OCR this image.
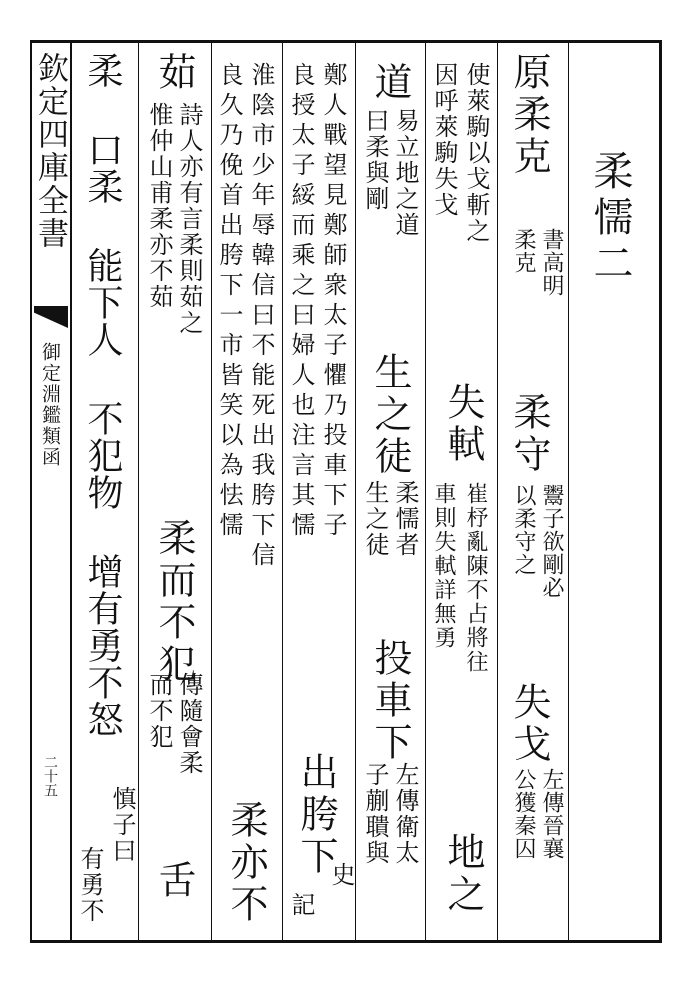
欽定四庫全書
御定淵鑑類函
二十五
柔懦二
原柔克
書高明
柔克
柔守
鬻子欲剛必
以柔守之
失戈
左傳晉襄
公獲秦囚
使萊駒以戈斬之
因呼萊駒失戈
失軾
崔杼亂陳不占將往
車則失軾詳無勇
地之
道
易立地之道
曰柔與剛
生之徒
柔懦者
生之徒
投車下
左傳衛太
子蒯聵與
鄭人戰望見鄭師衆太子懼乃投車下子
良授太子綏而乘之曰婦人也注言其懦
出胯下
史
記
淮陰市少年辱韓信曰不能死出我胯下信
良久乃俛首出胯下一市皆笑以為怯懦
柔亦不
茹
詩人亦有言柔則茹之
惟仲山甫柔亦不茹
柔而不犯
傳隨會柔
而不犯
舌
柔 口柔 能下人 不犯物 增有勇不怒
慎子曰
有勇不
